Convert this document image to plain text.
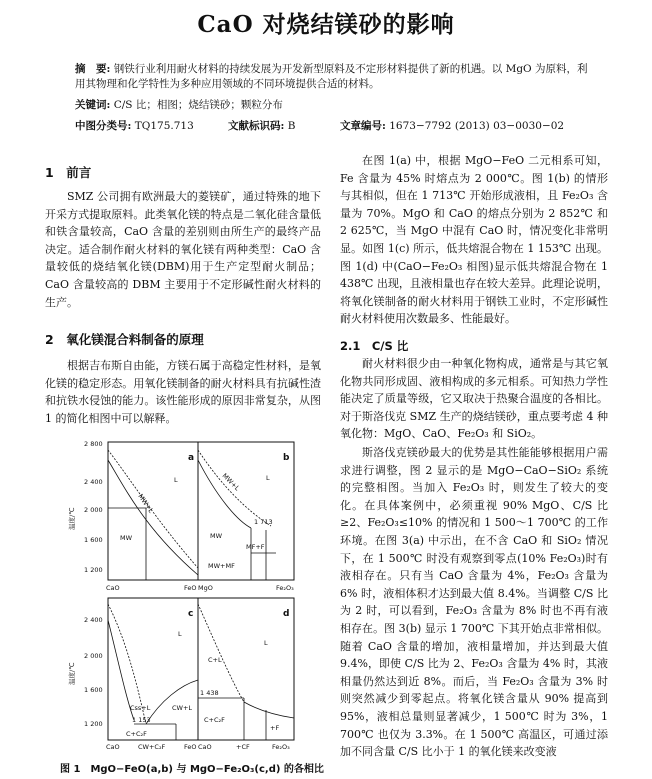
CaO 对烧结镁砂的影响
摘　要: 钢铁行业利用耐火材料的持续发展为开发新型原料及不定形材料提供了新的机遇。以 MgO 为原料，利
用其物理和化学特性为多种应用领域的不同环境提供合适的材料。
关键词: C/S 比；相图；烧结镁砂；颗粒分布
中图分类号: TQ175.713	文献标识码: B	文章编号: 1673−7792 (2013) 03−0030−02
1　前言

SMZ 公司拥有欧洲最大的菱镁矿，通过特殊的地下开采方式提取原料。此类氧化镁的特点是二氧化硅含量低和铁含量较高，CaO 含量的差别则由所生产的最终产品决定。适合制作耐火材料的氧化镁有两种类型：CaO 含量较低的烧结氧化镁(DBM)用于生产定型耐火制品；CaO 含量较高的 DBM 主要用于不定形碱性耐火材料的生产。

2　氧化镁混合料制备的原理

根据吉布斯自由能，方镁石属于高稳定性材料，是氧化镁的稳定形态。用氧化镁制备的耐火材料具有抗碱性渣和抗铁水侵蚀的能力。该性能形成的原因非常复杂，从图 1 的简化相图中可以解释。

2 800
2 400
2 000
1 600
1 200
2 400
2 000
1 600
1 200
温度/℃
温度/℃
a
L
MW+L
MW
CaO	FeO
b
L
MW+L
1 713
MW
MF+F
MW+MF
MgO	Fe₂O₃
c
L
Css+L
1 153
CW+L
C+C₂F
CaO	CW+C₂F	FeO
d
L
C+L
1 438
C+C₂F
+F
CaO	+CF	Fe₂O₃
图 1　MgO−FeO(a,b) 与 MgO−Fe₂O₃(c,d) 的各相比

在图 1(a) 中，根据 MgO−FeO 二元相系可知，Fe 含量为 45% 时熔点为 2 000℃。图 1(b) 的情形与其相似，但在 1 713℃ 开始形成液相，且 Fe₂O₃ 含量为 70%。MgO 和 CaO 的熔点分别为 2 852℃ 和 2 625℃，当 MgO 中混有 CaO 时，情况变化非常明显。如图 1(c) 所示，低共熔混合物在 1 153℃ 出现。图 1(d) 中(CaO−Fe₂O₃ 相图)显示低共熔混合物在 1 438℃ 出现，且液相量也存在较大差异。此理论说明，将氧化镁制备的耐火材料用于钢铁工业时，不定形碱性耐火材料使用次数最多、性能最好。

2.1　C/S 比

耐火材料很少由一种氧化物构成，通常是与其它氧化物共同形成固、液相构成的多元相系。可知热力学性能决定了质量等级，它又取决于热聚合温度的各相比。对于斯洛伐克 SMZ 生产的烧结镁砂，重点要考虑 4 种氧化物：MgO、CaO、Fe₂O₃ 和 SiO₂。

斯洛伐克镁砂最大的优势是其性能能够根据用户需求进行调整，图 2 显示的是 MgO−CaO−SiO₂ 系统的完整相图。当加入 Fe₂O₃ 时，则发生了较大的变化。在具体案例中，必须重视 90% MgO、C/S 比≥2、Fe₂O₃≤10% 的情况和 1 500～1 700℃ 的工作环境。在图 3(a) 中示出，在不含 CaO 和 SiO₂ 情况下，在 1 500℃ 时没有观察到零点(10% Fe₂O₃)时有液相存在。只有当 CaO 含量为 4%，Fe₂O₃ 含量为 6% 时，液相体积才达到最大值 8.4%。当调整 C/S 比为 2 时，可以看到，Fe₂O₃ 含量为 8% 时也不再有液相存在。图 3(b) 显示 1 700℃ 下其开始点非常相似。随着 CaO 含量的增加，液相量增加，并达到最大值 9.4%，即使 C/S 比为 2、Fe₂O₃ 含量为 4% 时，其液相量仍然达到近 8%。而后，当 Fe₂O₃ 含量为 3% 时则突然减少到零起点。将氧化镁含量从 90% 提高到 95%，液相总量则显著减少，1 500℃ 时为 3%，1 700℃ 也仅为 3.3%。在 1 500℃ 高温区，可通过添加不同含量 C/S 比小于 1 的氧化镁来改变液
